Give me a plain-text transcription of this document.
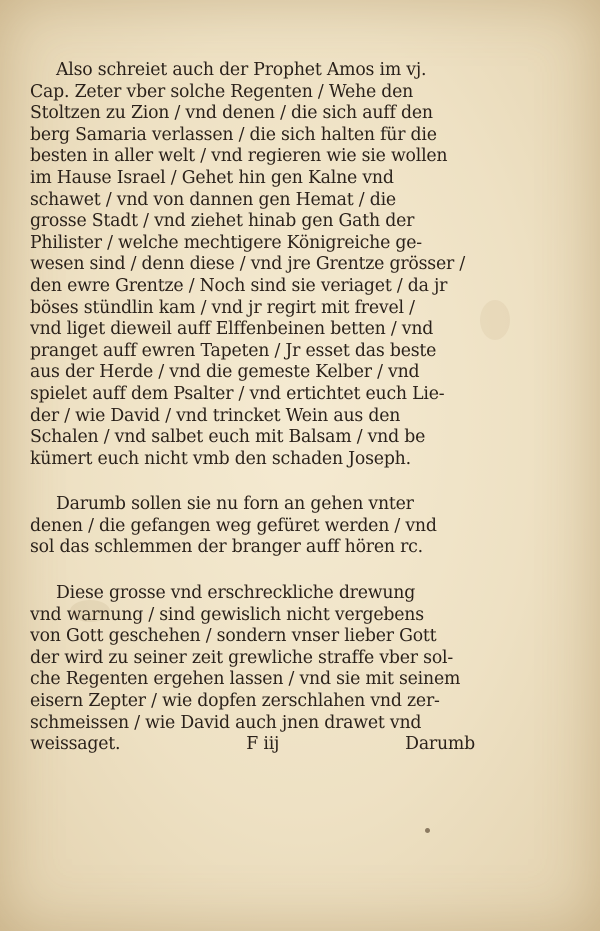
Also schreiet auch der Prophet Amos im vj.
Cap. Zeter vber solche Regenten / Wehe den
Stoltzen zu Zion / vnd denen / die sich auff den
berg Samaria verlassen / die sich halten für die
besten in aller welt / vnd regieren wie sie wollen
im Hause Israel / Gehet hin gen Kalne vnd
schawet / vnd von dannen gen Hemat / die
grosse Stadt / vnd ziehet hinab gen Gath der
Philister / welche mechtigere Königreiche ge-
wesen sind / denn diese / vnd jre Grentze grösser /
den ewre Grentze / Noch sind sie veriaget / da jr
böses stündlin kam / vnd jr regirt mit frevel /
vnd liget dieweil auff Elffenbeinen betten / vnd
pranget auff ewren Tapeten / Jr esset das beste
aus der Herde / vnd die gemeste Kelber / vnd
spielet auff dem Psalter / vnd ertichtet euch Lie-
der / wie David / vnd trincket Wein aus den
Schalen / vnd salbet euch mit Balsam / vnd be
kümert euch nicht vmb den schaden Joseph.
Darumb sollen sie nu forn an gehen vnter
denen / die gefangen weg gefüret werden / vnd
sol das schlemmen der branger auff hören rc.
Diese grosse vnd erschreckliche drewung
vnd warnung / sind gewislich nicht vergebens
von Gott geschehen / sondern vnser lieber Gott
der wird zu seiner zeit grewliche straffe vber sol-
che Regenten ergehen lassen / vnd sie mit seinem
eisern Zepter / wie dopfen zerschlahen vnd zer-
schmeissen / wie David auch jnen drawet vnd
weissaget.	F iij	Darumb
